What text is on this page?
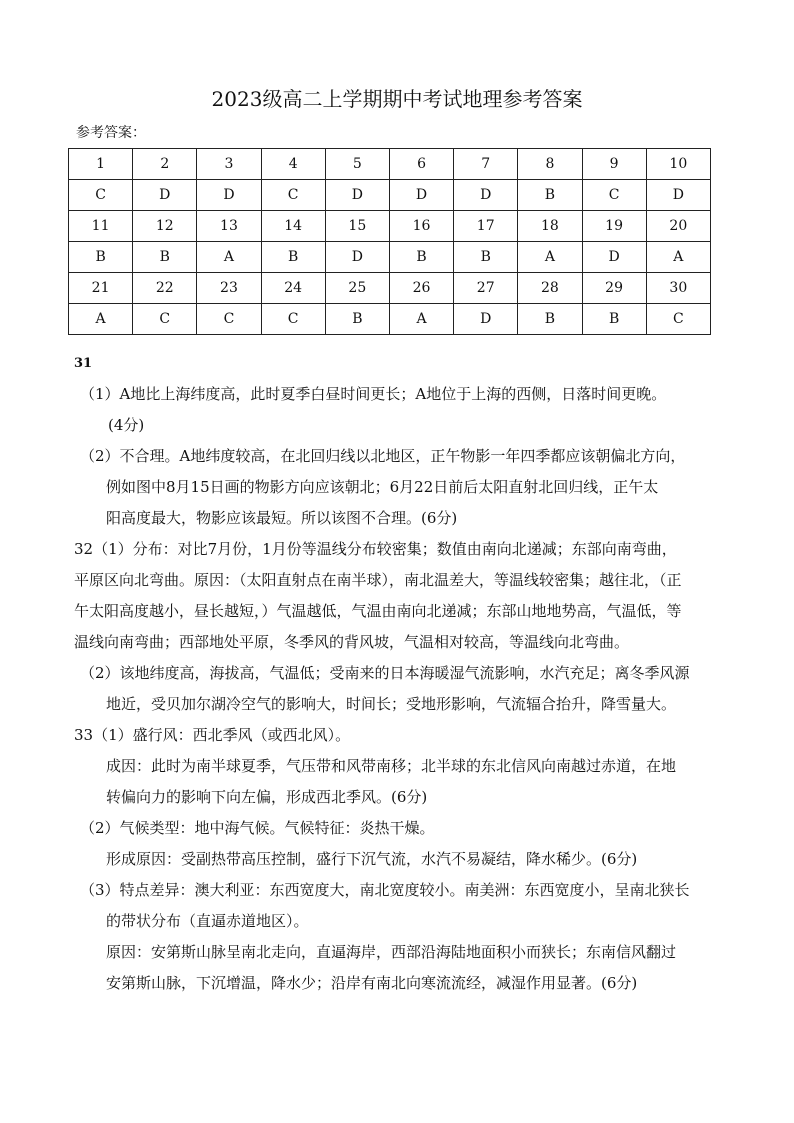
2023级高二上学期期中考试地理参考答案
参考答案：
1	2	3	4	5	6	7	8	9	10
C	D	D	C	D	D	D	B	C	D
11	12	13	14	15	16	17	18	19	20
B	B	A	B	D	B	B	A	D	A
21	22	23	24	25	26	27	28	29	30
A	C	C	C	B	A	D	B	B	C

31

（1）A地比上海纬度高，此时夏季白昼时间更长；A地位于上海的西侧，日落时间更晚。

(4分)

（2）不合理。A地纬度较高，在北回归线以北地区，正午物影一年四季都应该朝偏北方向，

例如图中8月15日画的物影方向应该朝北；6月22日前后太阳直射北回归线，正午太

阳高度最大，物影应该最短。所以该图不合理。(6分)

32（1）分布：对比7月份，1月份等温线分布较密集；数值由南向北递减；东部向南弯曲，

平原区向北弯曲。原因：（太阳直射点在南半球），南北温差大，等温线较密集；越往北，（正

午太阳高度越小，昼长越短，）气温越低，气温由南向北递减；东部山地地势高，气温低，等

温线向南弯曲；西部地处平原，冬季风的背风坡，气温相对较高，等温线向北弯曲。

（2）该地纬度高，海拔高，气温低；受南来的日本海暖湿气流影响，水汽充足；离冬季风源

地近，受贝加尔湖冷空气的影响大，时间长；受地形影响，气流辐合抬升，降雪量大。

33（1）盛行风：西北季风（或西北风）。

成因：此时为南半球夏季，气压带和风带南移；北半球的东北信风向南越过赤道，在地

转偏向力的影响下向左偏，形成西北季风。(6分)

（2）气候类型：地中海气候。气候特征：炎热干燥。

形成原因：受副热带高压控制，盛行下沉气流，水汽不易凝结，降水稀少。(6分)

（3）特点差异：澳大利亚：东西宽度大，南北宽度较小。南美洲：东西宽度小，呈南北狭长

的带状分布（直逼赤道地区）。

原因：安第斯山脉呈南北走向，直逼海岸，西部沿海陆地面积小而狭长；东南信风翻过

安第斯山脉，下沉增温，降水少；沿岸有南北向寒流流经，减湿作用显著。(6分)
